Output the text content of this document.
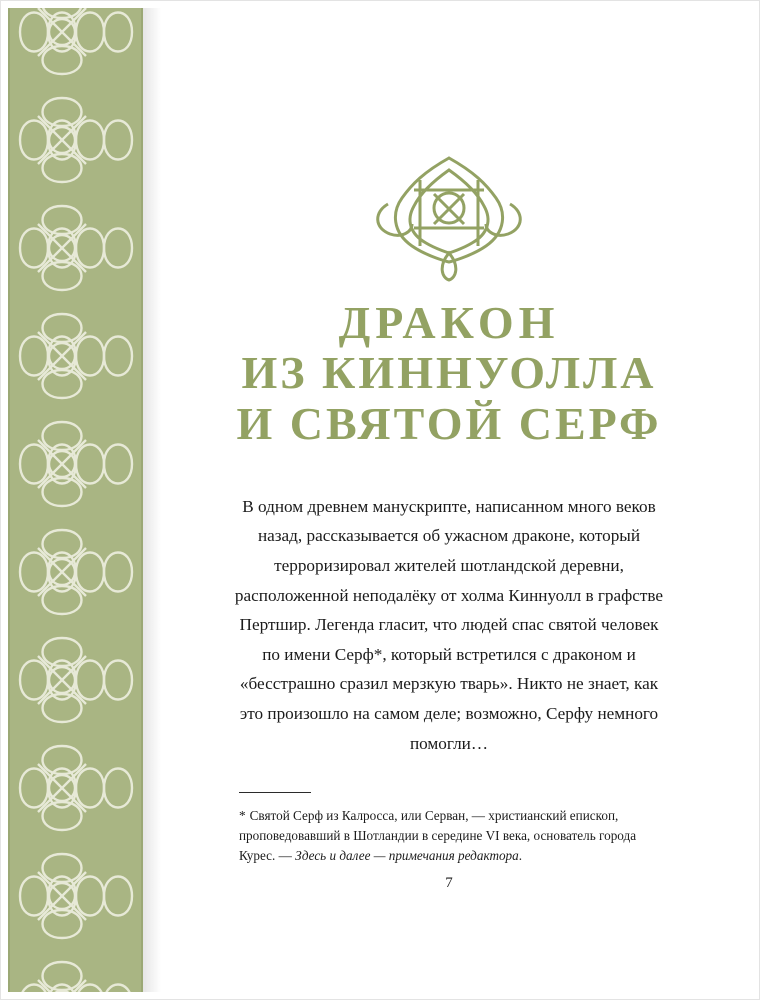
ДРАКОН
ИЗ КИННУОЛЛА
И СВЯТОЙ СЕРФ

В одном древнем манускрипте, написанном много веков назад, рассказывается об ужасном драконе, который терроризировал жителей шотландской деревни, расположенной неподалёку от холма Киннуолл в графстве Пертшир. Легенда гласит, что людей спас святой человек по имени Серф*, который встретился с драконом и «бесстрашно сразил мерзкую тварь». Никто не знает, как это произошло на самом деле; возможно, Серфу немного помогли…

* Святой Серф из Калросса, или Серван, — христианский епископ, проповедовавший в Шотландии в середине VI века, основатель города Курес. — Здесь и далее — примечания редактора.

7
